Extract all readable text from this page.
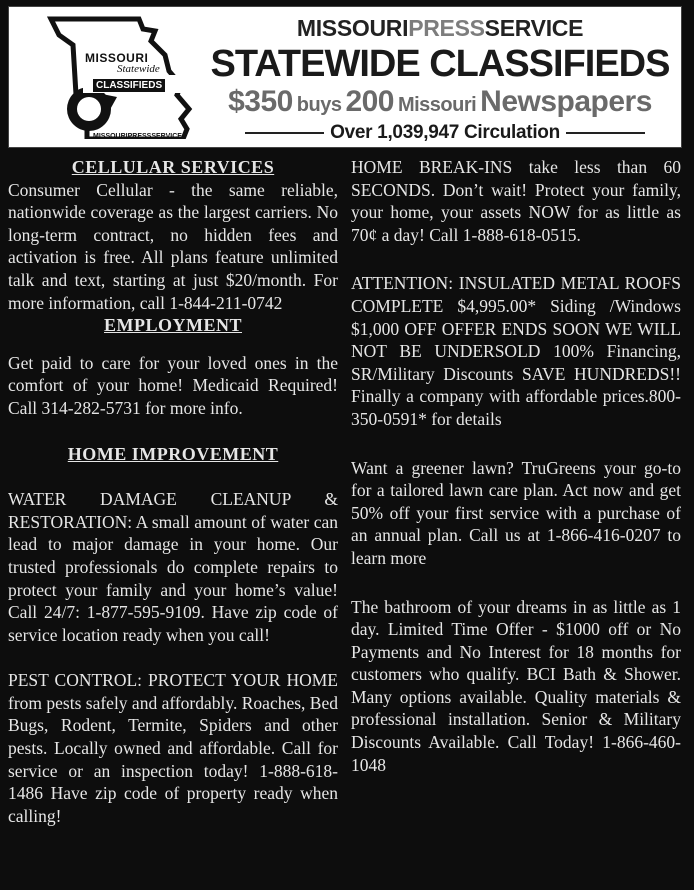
MISSOURI
Statewide
CLASSIFIEDS
MISSOURIPRESSSERVICE
MISSOURIPRESSSERVICE
STATEWIDE CLASSIFIEDS
$350 buys 200 Missouri Newspapers
Over 1,039,947 Circulation
CELLULAR SERVICES

Consumer Cellular - the same reliable, nationwide coverage as the largest carriers. No long-term contract, no hidden fees and activation is free. All plans feature unlimited talk and text, starting at just $20/month. For more information, call 1-844-211-0742

EMPLOYMENT

Get paid to care for your loved ones in the comfort of your home! Medicaid Required! Call 314-282-5731 for more info.

HOME IMPROVEMENT

WATER DAMAGE CLEANUP & RESTORATION: A small amount of water can lead to major damage in your home. Our trusted professionals do complete repairs to protect your family and your home’s value! Call 24/7: 1-877-595-9109. Have zip code of service location ready when you call!

PEST CONTROL: PROTECT YOUR HOME from pests safely and affordably. Roaches, Bed Bugs, Rodent, Termite, Spiders and other pests. Locally owned and affordable. Call for service or an inspection today! 1-888-618-1486 Have zip code of property ready when calling!

HOME BREAK-INS take less than 60 SECONDS. Don’t wait! Protect your family, your home, your assets NOW for as little as 70¢ a day! Call 1-888-618-0515.

ATTENTION: INSULATED METAL ROOFS COMPLETE $4,995.00* Siding /Windows $1,000 OFF OFFER ENDS SOON WE WILL NOT BE UNDERSOLD 100% Financing, SR/Military Discounts SAVE HUNDREDS!! Finally a company with affordable prices.800-350-0591* for details

Want a greener lawn? TruGreens your go-to for a tailored lawn care plan. Act now and get 50% off your first service with a purchase of an annual plan. Call us at 1-866-416-0207 to learn more

The bathroom of your dreams in as little as 1 day. Limited Time Offer - $1000 off or No Payments and No Interest for 18 months for customers who qualify. BCI Bath & Shower. Many options available. Quality materials & professional installation. Senior & Military Discounts Available. Call Today! 1-866-460-1048
